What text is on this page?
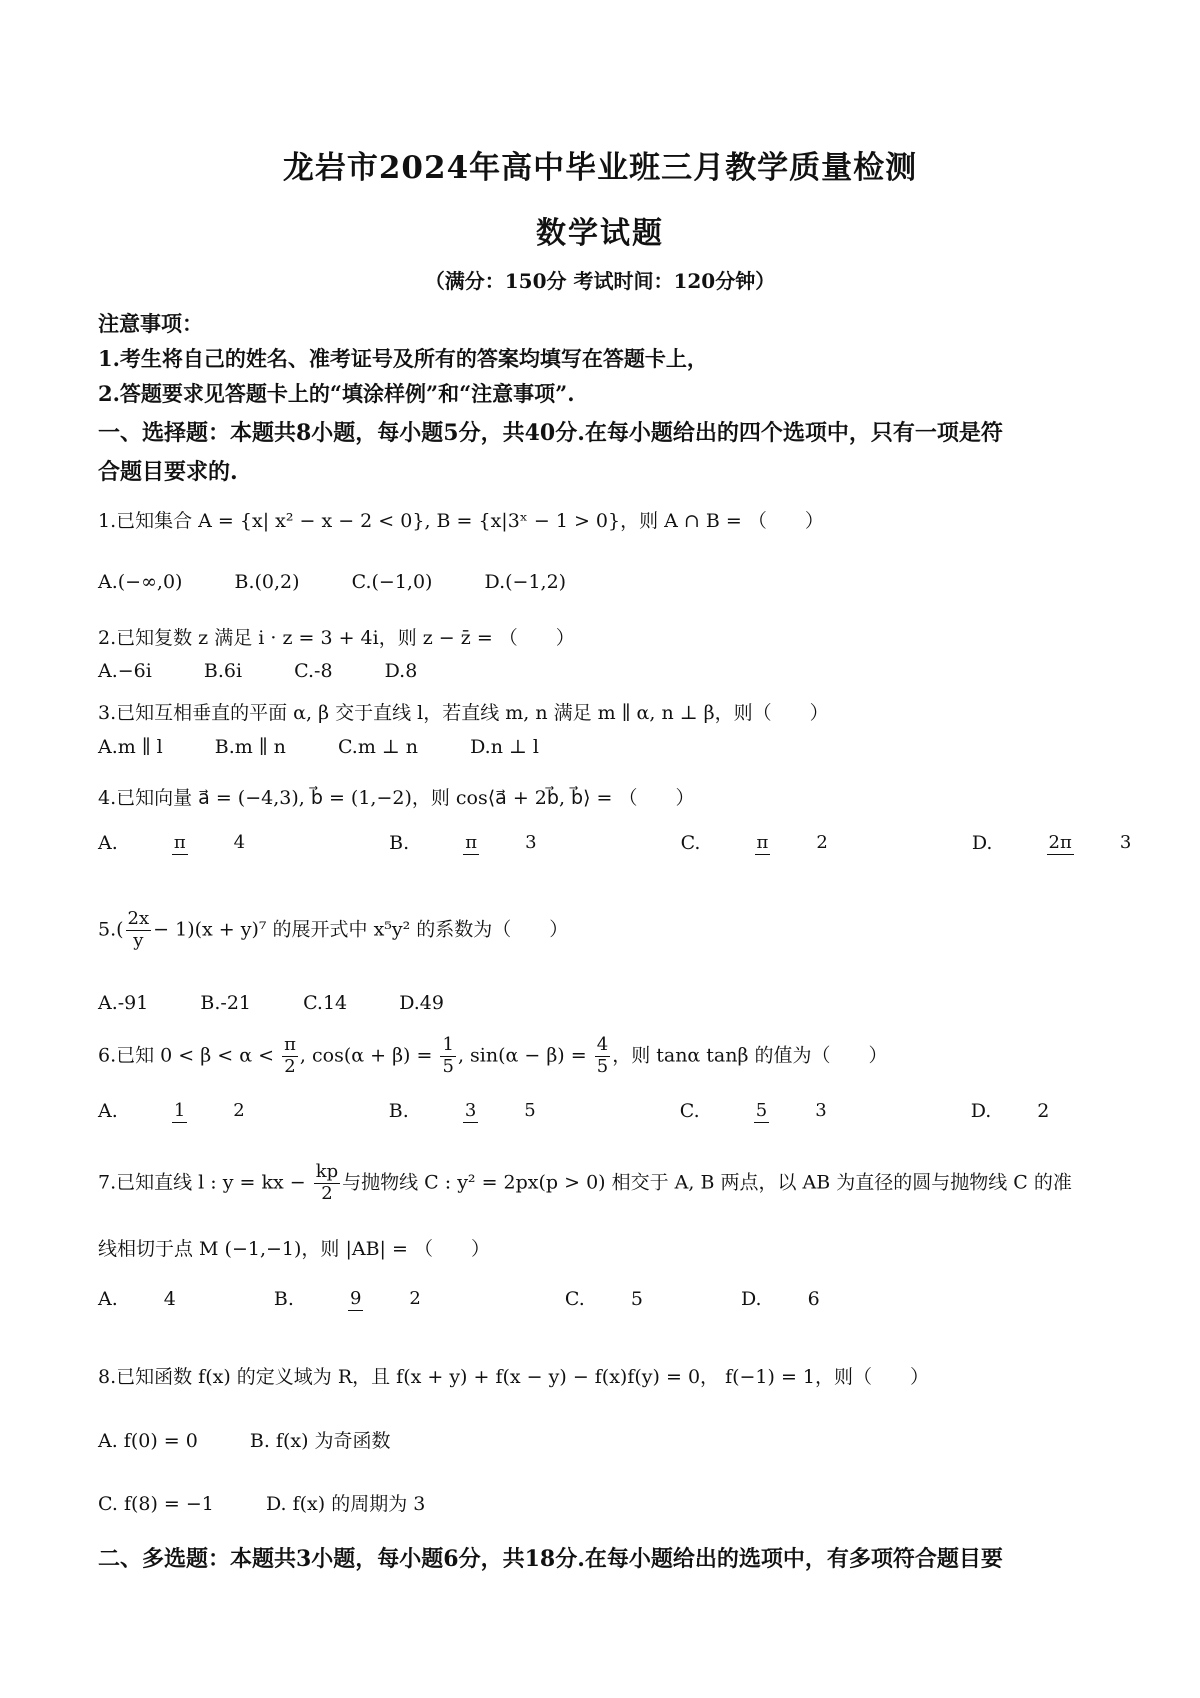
龙岩市2024年高中毕业班三月教学质量检测
数学试题
（满分：150分 考试时间：120分钟）
注意事项：
1.考生将自己的姓名、准考证号及所有的答案均填写在答题卡上，
2.答题要求见答题卡上的“填涂样例”和“注意事项”.
一、选择题：本题共8小题，每小题5分，共40分.在每小题给出的四个选项中，只有一项是符
合题目要求的.
1.已知集合 A = {x| x² − x − 2 < 0}, B = {x|3ˣ − 1 > 0}，则 A ∩ B = （　　）
A.(−∞,0)	B.(0,2)	C.(−1,0)	D.(−1,2)
2.已知复数 z 满足 i · z = 3 + 4i，则 z − z̄ = （　　）
A.−6i	B.6i	C.-8	D.8
3.已知互相垂直的平面 α, β 交于直线 l，若直线 m, n 满足 m ∥ α, n ⊥ β，则（　　）
A.m ∥ l	B.m ∥ n	C.m ⊥ n	D.n ⊥ l
4.已知向量 a⃗ = (−4,3), b⃗ = (1,−2)，则 cos⟨a⃗ + 2b⃗, b⃗⟩ = （　　）
A.	π	4	B.	π	3	C.	π	2	D.	2π	3
$5.( \frac{2x}{y} - 1)(x + y)^7$ 的展开式中 x⁵y² 的系数为（　　）
A.-91	B.-21	C.14	D.49
6.已知 $0 < \beta < \alpha < \frac{\pi}{2}$ , $\cos(\alpha + \beta) = \frac{1}{5}$ , $\sin(\alpha - \beta) = \frac{4}{5}$ ，则 tanα tanβ 的值为（　　）
A.	1	2	B.	3	5	C.	5	3	D. 2
7.已知直线 l : y = kx − $\frac{kp}{2}$ 与抛物线 C : y² = 2px(p > 0) 相交于 A, B 两点，以 AB 为直径的圆与抛物线 C 的准
线相切于点 M (−1,−1)，则 |AB| = （　　）
A. 4	B.	9	2	C. 5	D. 6
8.已知函数 f(x) 的定义域为 R，且 f(x + y) + f(x − y) − f(x)f(y) = 0， f(−1) = 1，则（　　）
A. f(0) = 0	B. f(x) 为奇函数
C. f(8) = −1	D. f(x) 的周期为 3
二、多选题：本题共3小题，每小题6分，共18分.在每小题给出的选项中，有多项符合题目要
